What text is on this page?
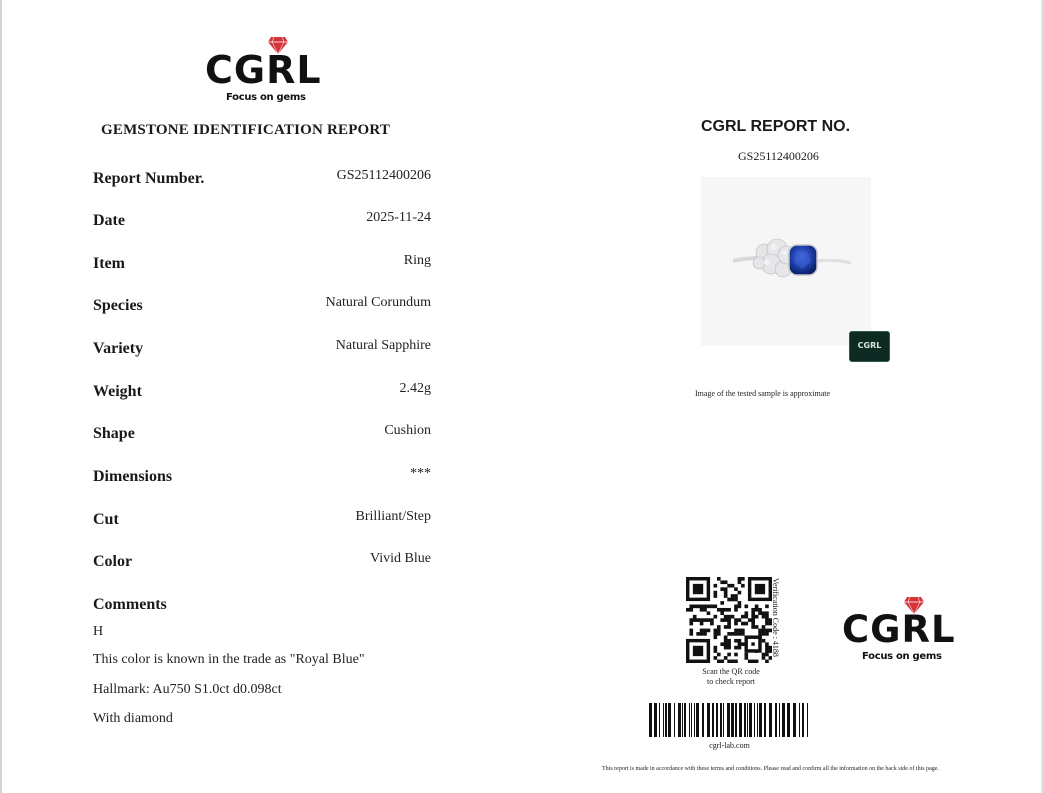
CGRL
Focus on gems
GEMSTONE IDENTIFICATION REPORT
Report Number.	GS25112400206
Date	2025-11-24
Item	Ring
Species	Natural Corundum
Variety	Natural Sapphire
Weight	2.42g
Shape	Cushion
Dimensions	***
Cut	Brilliant/Step
Color	Vivid Blue
Comments
H
This color is known in the trade as "Royal Blue"
Hallmark: Au750 S1.0ct d0.098ct
With diamond
CGRL REPORT NO.
GS25112400206
CGRL
Image of the tested sample is approximate
Verification Code : 4188
Scan the QR code
to check report
CGRL
Focus on gems
cgrl-lab.com
This report is made in accordance with these terms and conditions. Please read and confirm all the information on the back side of this page.
